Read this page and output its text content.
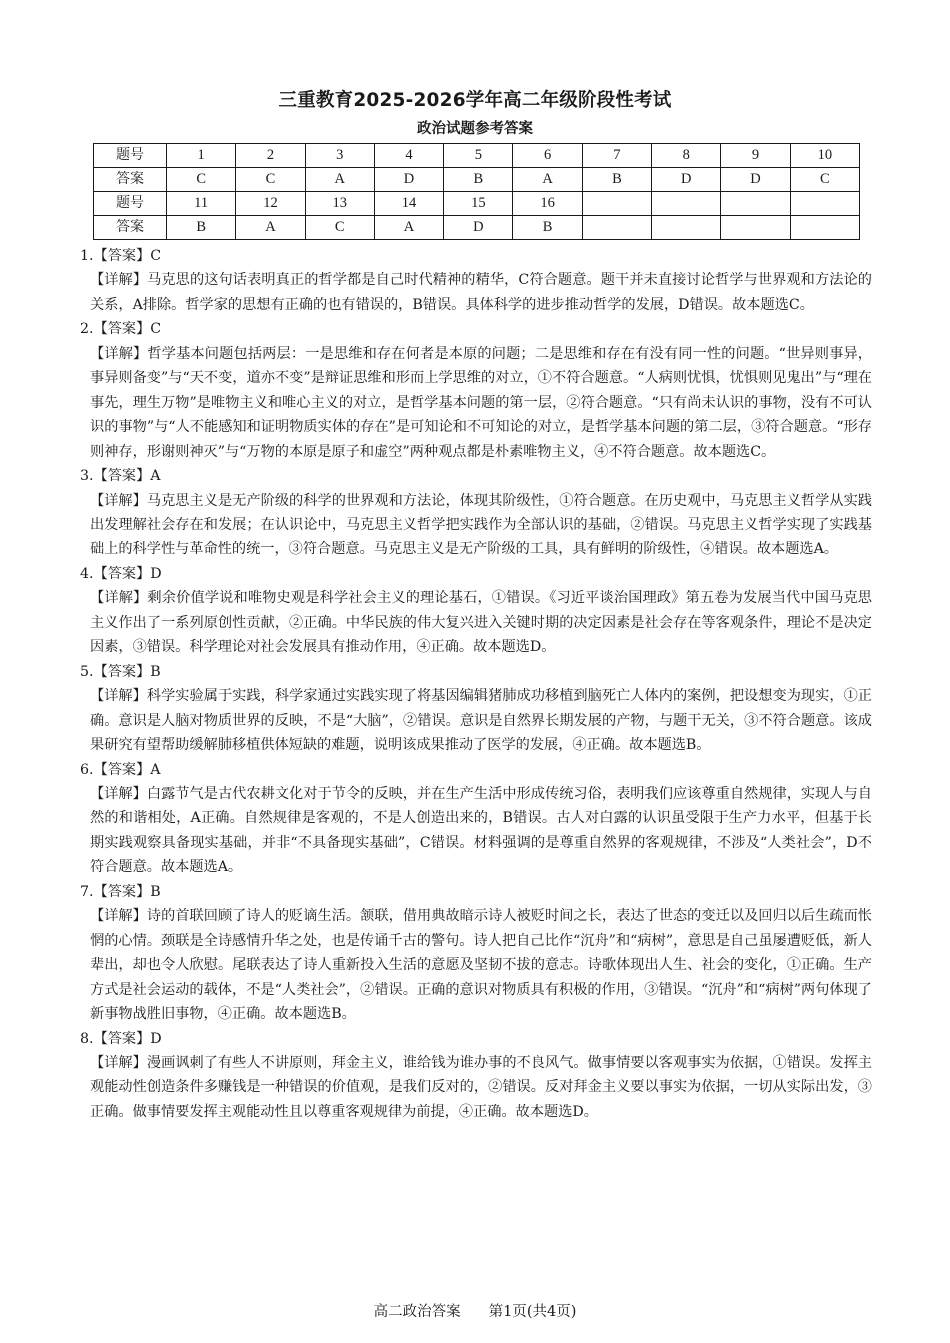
三重教育2025-2026学年高二年级阶段性考试
政治试题参考答案
题号	1	2	3	4	5	6	7	8	9	10
答案	C	C	A	D	B	A	B	D	D	C
题号	11	12	13	14	15	16				
答案	B	A	C	A	D	B				

1.【答案】C

【详解】马克思的这句话表明真正的哲学都是自己时代精神的精华，C符合题意。题干并未直接讨论哲学与世界观和方法论的关系，A排除。哲学家的思想有正确的也有错误的，B错误。具体科学的进步推动哲学的发展，D错误。故本题选C。

2.【答案】C

【详解】哲学基本问题包括两层：一是思维和存在何者是本原的问题；二是思维和存在有没有同一性的问题。“世异则事异，事异则备变”与“天不变，道亦不变”是辩证思维和形而上学思维的对立，①不符合题意。“人病则忧惧，忧惧则见鬼出”与“理在事先，理生万物”是唯物主义和唯心主义的对立，是哲学基本问题的第一层，②符合题意。“只有尚未认识的事物，没有不可认识的事物”与“人不能感知和证明物质实体的存在”是可知论和不可知论的对立，是哲学基本问题的第二层，③符合题意。“形存则神存，形谢则神灭”与“万物的本原是原子和虚空”两种观点都是朴素唯物主义，④不符合题意。故本题选C。

3.【答案】A

【详解】马克思主义是无产阶级的科学的世界观和方法论，体现其阶级性，①符合题意。在历史观中，马克思主义哲学从实践出发理解社会存在和发展；在认识论中，马克思主义哲学把实践作为全部认识的基础，②错误。马克思主义哲学实现了实践基础上的科学性与革命性的统一，③符合题意。马克思主义是无产阶级的工具，具有鲜明的阶级性，④错误。故本题选A。

4.【答案】D

【详解】剩余价值学说和唯物史观是科学社会主义的理论基石，①错误。《习近平谈治国理政》第五卷为发展当代中国马克思主义作出了一系列原创性贡献，②正确。中华民族的伟大复兴进入关键时期的决定因素是社会存在等客观条件，理论不是决定因素，③错误。科学理论对社会发展具有推动作用，④正确。故本题选D。

5.【答案】B

【详解】科学实验属于实践，科学家通过实践实现了将基因编辑猪肺成功移植到脑死亡人体内的案例，把设想变为现实，①正确。意识是人脑对物质世界的反映，不是“大脑”，②错误。意识是自然界长期发展的产物，与题干无关，③不符合题意。该成果研究有望帮助缓解肺移植供体短缺的难题，说明该成果推动了医学的发展，④正确。故本题选B。

6.【答案】A

【详解】白露节气是古代农耕文化对于节令的反映，并在生产生活中形成传统习俗，表明我们应该尊重自然规律，实现人与自然的和谐相处，A正确。自然规律是客观的，不是人创造出来的，B错误。古人对白露的认识虽受限于生产力水平，但基于长期实践观察具备现实基础，并非“不具备现实基础”，C错误。材料强调的是尊重自然界的客观规律，不涉及“人类社会”，D不符合题意。故本题选A。

7.【答案】B

【详解】诗的首联回顾了诗人的贬谪生活。颔联，借用典故暗示诗人被贬时间之长，表达了世态的变迁以及回归以后生疏而怅惘的心情。颈联是全诗感情升华之处，也是传诵千古的警句。诗人把自己比作“沉舟”和“病树”，意思是自己虽屡遭贬低，新人辈出，却也令人欣慰。尾联表达了诗人重新投入生活的意愿及坚韧不拔的意志。诗歌体现出人生、社会的变化，①正确。生产方式是社会运动的载体，不是“人类社会”，②错误。正确的意识对物质具有积极的作用，③错误。“沉舟”和“病树”两句体现了新事物战胜旧事物，④正确。故本题选B。

8.【答案】D

【详解】漫画讽刺了有些人不讲原则，拜金主义，谁给钱为谁办事的不良风气。做事情要以客观事实为依据，①错误。发挥主观能动性创造条件多赚钱是一种错误的价值观，是我们反对的，②错误。反对拜金主义要以事实为依据，一切从实际出发，③正确。做事情要发挥主观能动性且以尊重客观规律为前提，④正确。故本题选D。

高二政治答案 第1页(共4页)
